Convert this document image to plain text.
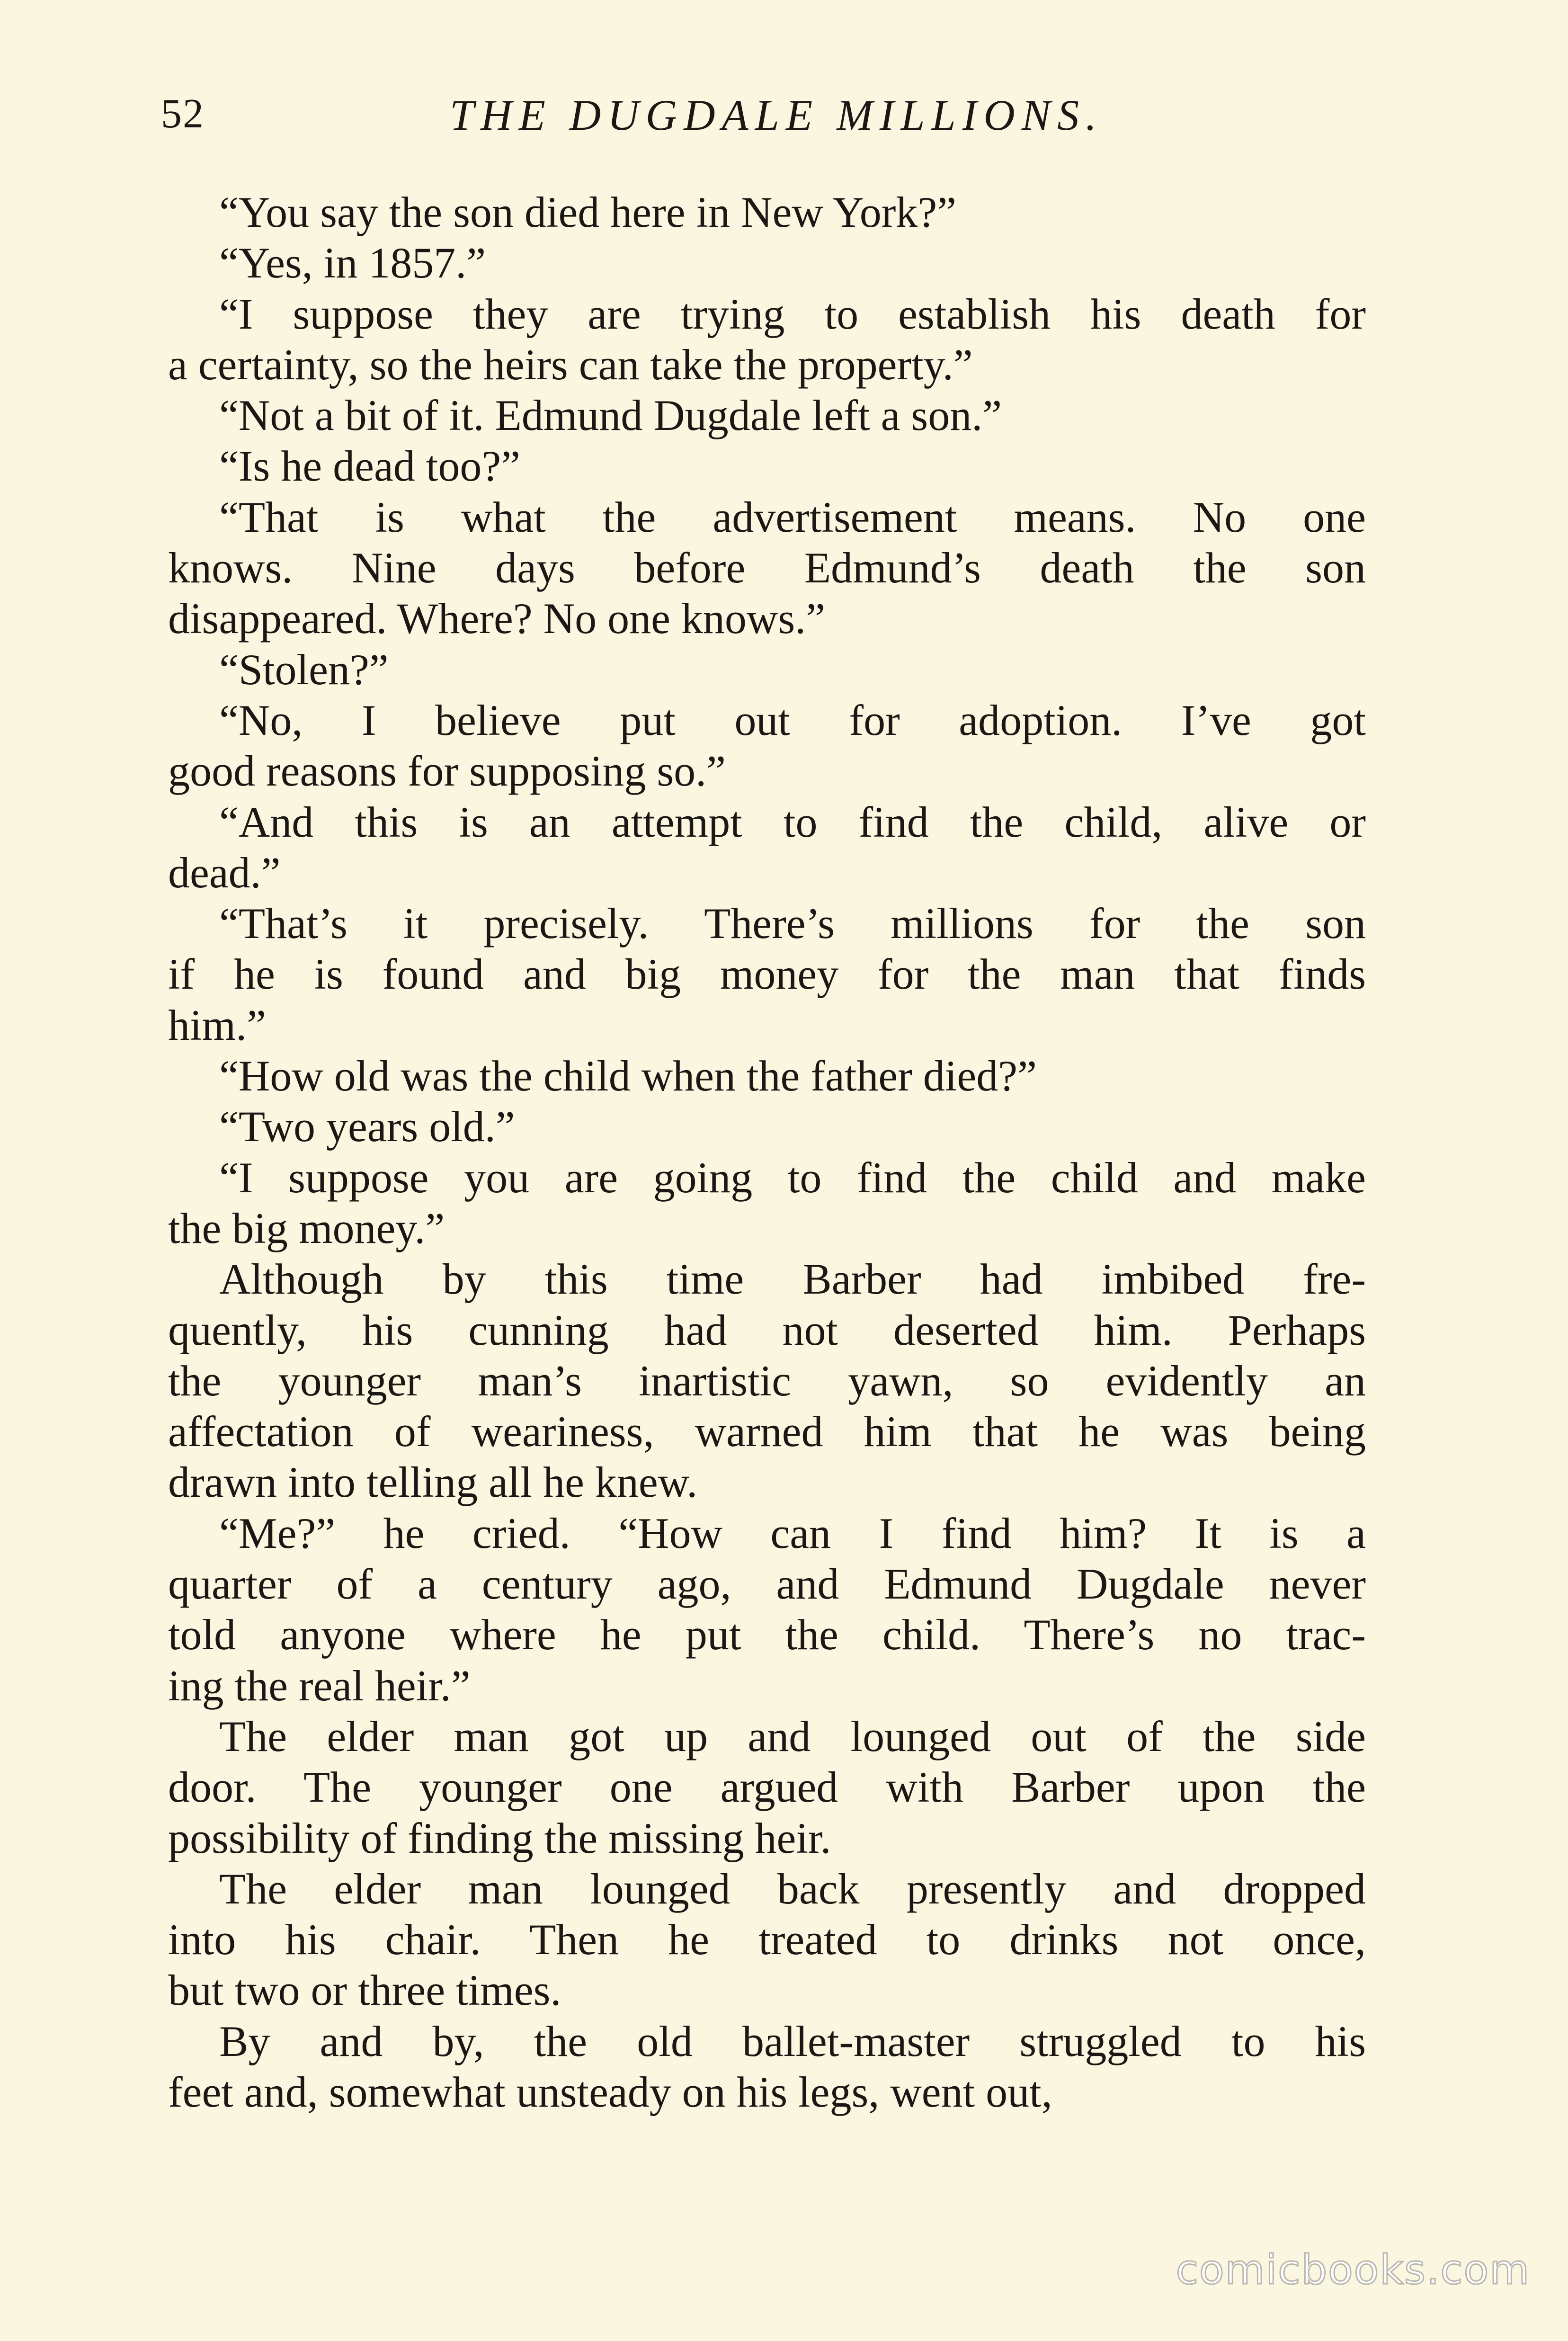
52	THE DUGDALE MILLIONS.
“You say the son died here in New York?”
“Yes, in 1857.”
“I suppose they are trying to establish his death for
a certainty, so the heirs can take the property.”
“Not a bit of it. Edmund Dugdale left a son.”
“Is he dead too?”
“That is what the advertisement means. No one
knows. Nine days before Edmund’s death the son
disappeared. Where? No one knows.”
“Stolen?”
“No, I believe put out for adoption. I’ve got
good reasons for supposing so.”
“And this is an attempt to find the child, alive or
dead.”
“That’s it precisely. There’s millions for the son
if he is found and big money for the man that finds
him.”
“How old was the child when the father died?”
“Two years old.”
“I suppose you are going to find the child and make
the big money.”
Although by this time Barber had imbibed fre-
quently, his cunning had not deserted him. Perhaps
the younger man’s inartistic yawn, so evidently an
affectation of weariness, warned him that he was being
drawn into telling all he knew.
“Me?” he cried. “How can I find him? It is a
quarter of a century ago, and Edmund Dugdale never
told anyone where he put the child. There’s no trac-
ing the real heir.”
The elder man got up and lounged out of the side
door. The younger one argued with Barber upon the
possibility of finding the missing heir.
The elder man lounged back presently and dropped
into his chair. Then he treated to drinks not once,
but two or three times.
By and by, the old ballet-master struggled to his
feet and, somewhat unsteady on his legs, went out,
comicbooks.com
